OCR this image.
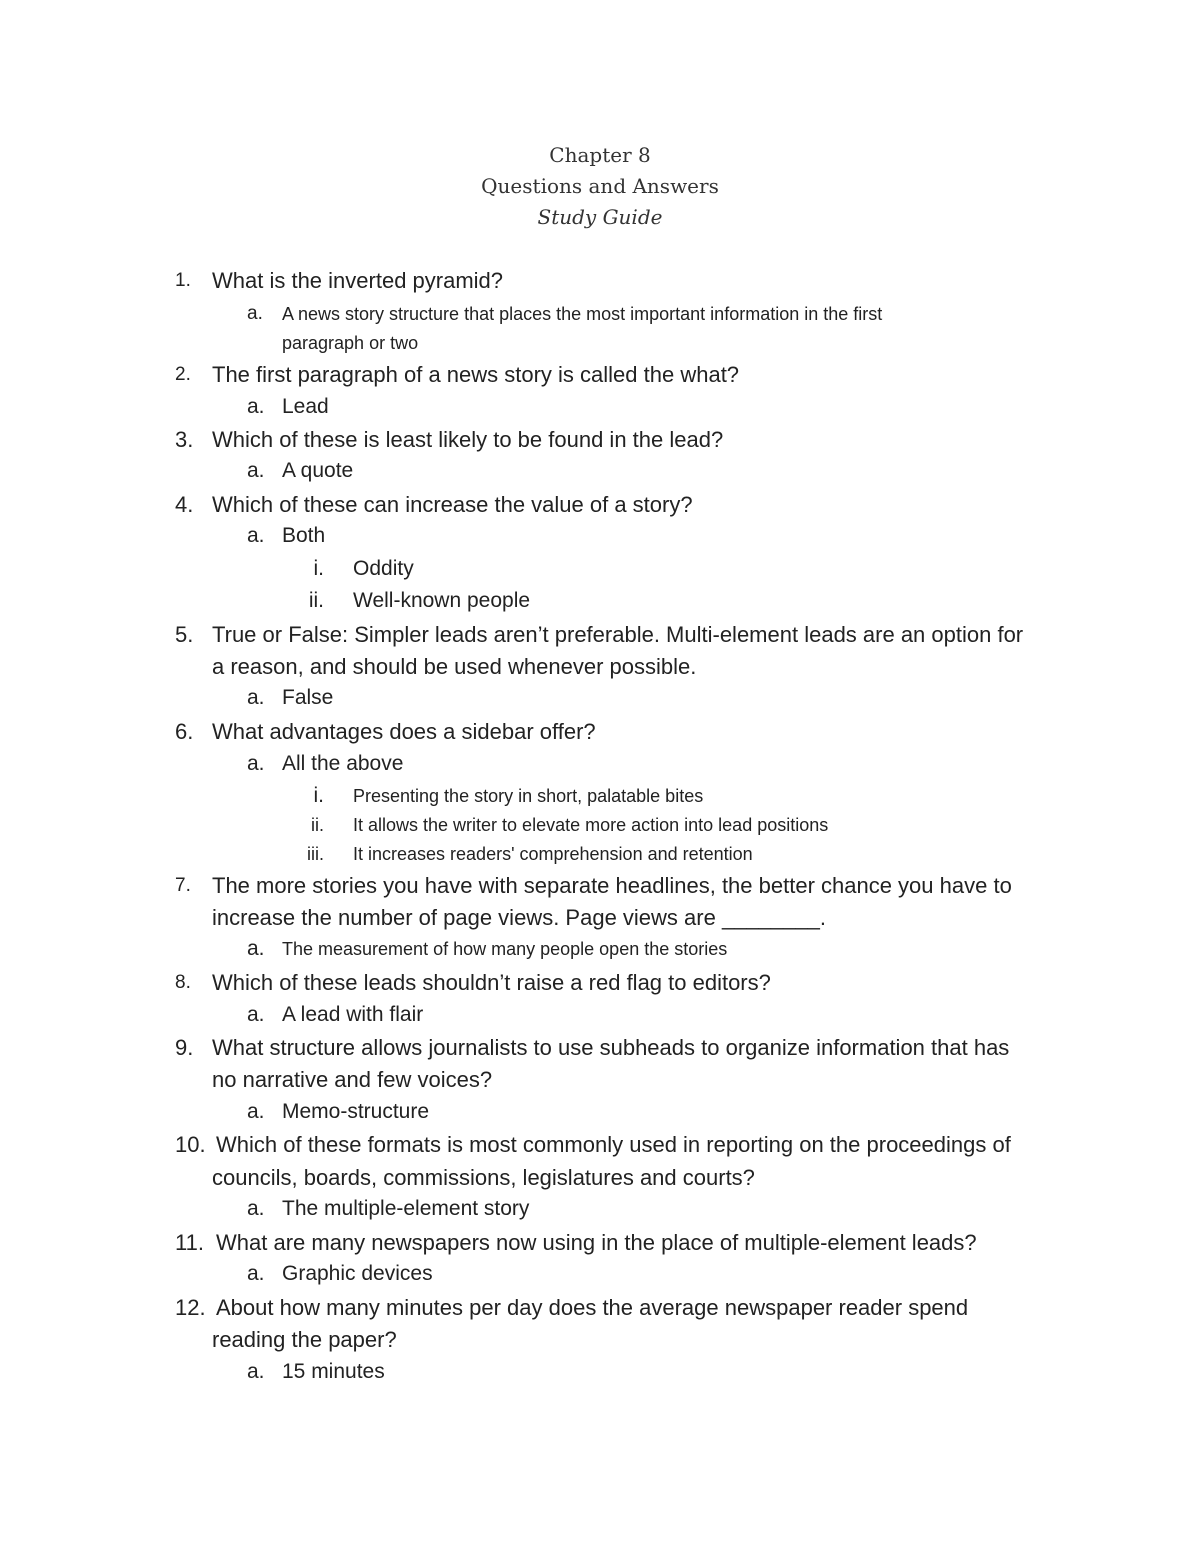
Chapter 8
Questions and Answers
Study Guide
1. What is the inverted pyramid?
a. A news story structure that places the most important information in the first
paragraph or two
2. The first paragraph of a news story is called the what?
a. Lead
3. Which of these is least likely to be found in the lead?
a. A quote
4. Which of these can increase the value of a story?
a. Both
i. Oddity
ii. Well-known people
5. True or False: Simpler leads aren’t preferable. Multi-element leads are an option for
a reason, and should be used whenever possible.
a. False
6. What advantages does a sidebar offer?
a. All the above
i. Presenting the story in short, palatable bites
ii. It allows the writer to elevate more action into lead positions
iii. It increases readers' comprehension and retention
7. The more stories you have with separate headlines, the better chance you have to
increase the number of page views. Page views are ________.
a. The measurement of how many people open the stories
8. Which of these leads shouldn’t raise a red flag to editors?
a. A lead with flair
9. What structure allows journalists to use subheads to organize information that has
no narrative and few voices?
a. Memo-structure
10. Which of these formats is most commonly used in reporting on the proceedings of
councils, boards, commissions, legislatures and courts?
a. The multiple-element story
11. What are many newspapers now using in the place of multiple-element leads?
a. Graphic devices
12. About how many minutes per day does the average newspaper reader spend
reading the paper?
a. 15 minutes
